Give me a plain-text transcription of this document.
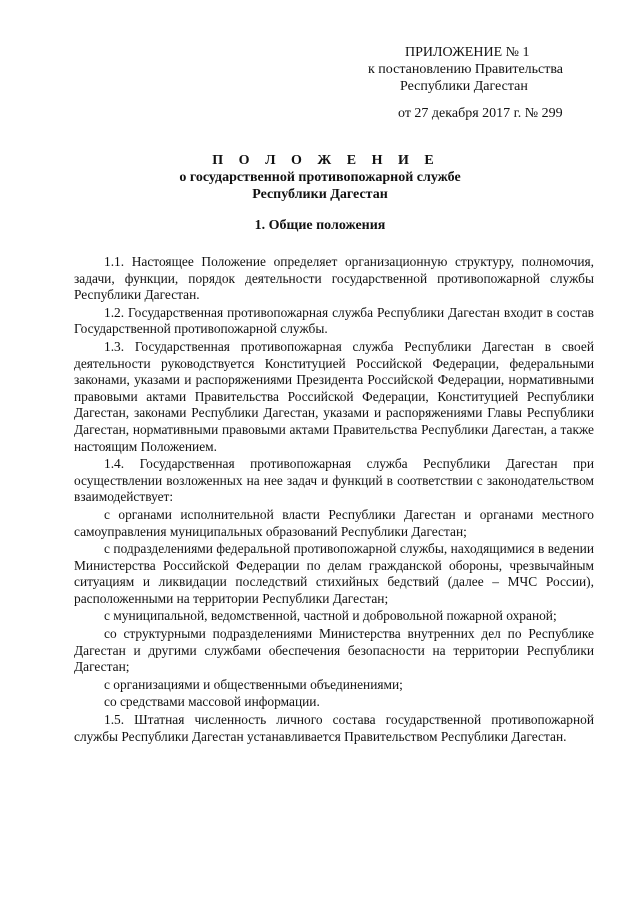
ПРИЛОЖЕНИЕ № 1
к постановлению Правительства
Республики Дагестан
от 27 декабря 2017 г. № 299
П О Л О Ж Е Н И Е
о государственной противопожарной службе
Республики Дагестан
1. Общие положения

1.1. Настоящее Положение определяет организационную структуру, полномочия, задачи, функции, порядок деятельности государственной противопожарной службы Республики Дагестан.

1.2. Государственная противопожарная служба Республики Дагестан входит в состав Государственной противопожарной службы.

1.3. Государственная противопожарная служба Республики Дагестан в своей деятельности руководствуется Конституцией Российской Федерации, федеральными законами, указами и распоряжениями Президента Российской Федерации, нормативными правовыми актами Правительства Российской Федерации, Конституцией Республики Дагестан, законами Республики Дагестан, указами и распоряжениями Главы Республики Дагестан, нормативными правовыми актами Правительства Республики Дагестан, а также настоящим Положением.

1.4. Государственная противопожарная служба Республики Дагестан при осуществлении возложенных на нее задач и функций в соответствии с законодательством взаимодействует:

с органами исполнительной власти Республики Дагестан и органами местного самоуправления муниципальных образований Республики Дагестан;

с подразделениями федеральной противопожарной службы, находящимися в ведении Министерства Российской Федерации по делам гражданской обороны, чрезвычайным ситуациям и ликвидации последствий стихийных бедствий (далее – МЧС России), расположенными на территории Республики Дагестан;

с муниципальной, ведомственной, частной и добровольной пожарной охраной;

со структурными подразделениями Министерства внутренних дел по Республике Дагестан и другими службами обеспечения безопасности на территории Республики Дагестан;

с организациями и общественными объединениями;

со средствами массовой информации.

1.5. Штатная численность личного состава государственной противопожарной службы Республики Дагестан устанавливается Правительством Республики Дагестан.
